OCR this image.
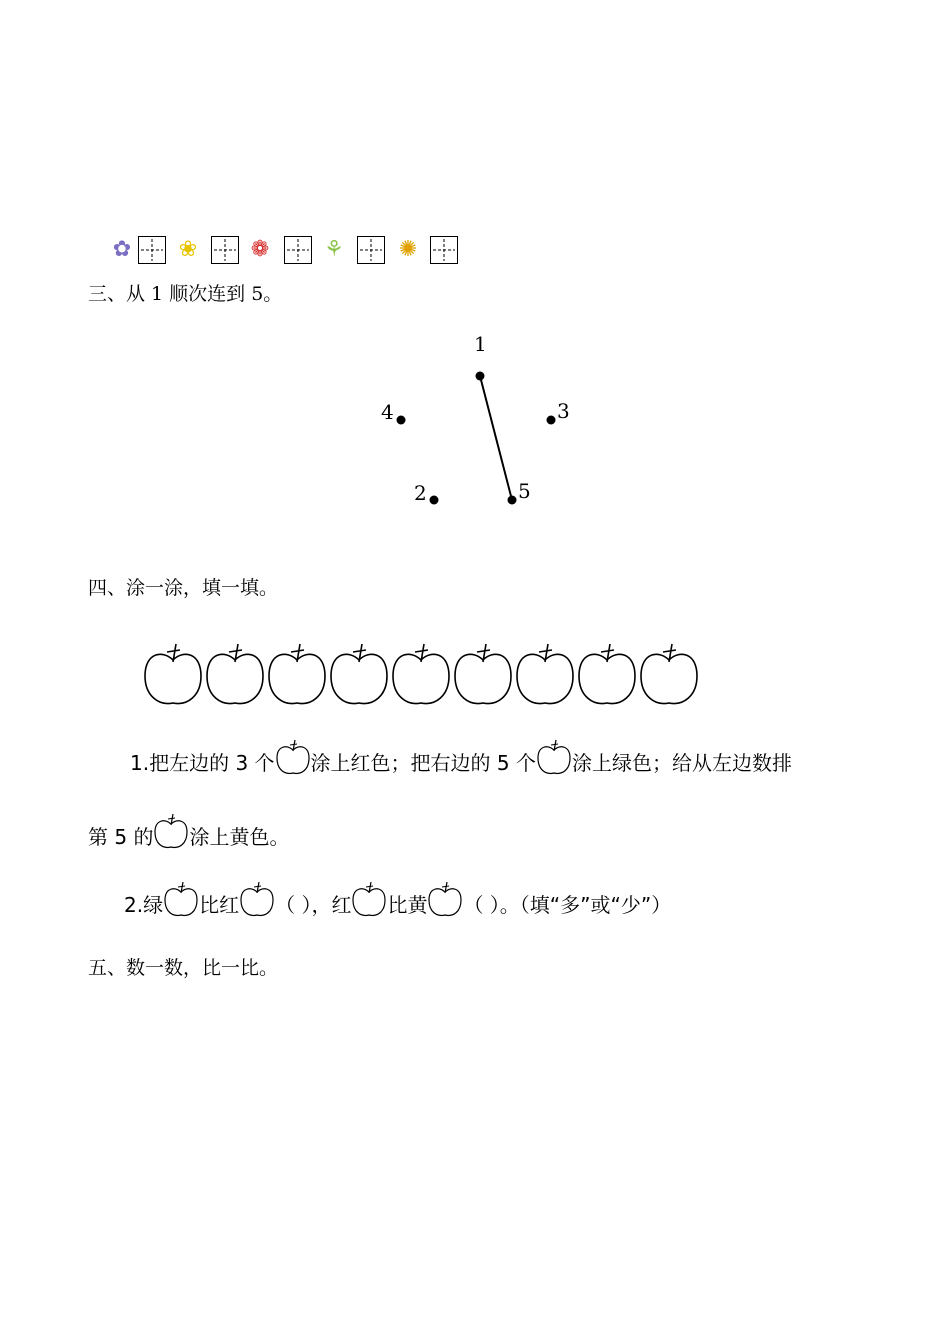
✿ ❀ ❁ ⚘ ✺
三、从 1 顺次连到 5。
1
2
3
4
5
四、涂一涂，填一填。
1.把左边的 3 个 涂上红色；把右边的 5 个 涂上绿色；给从左边数排
第 5 的 涂上黄色。
2.绿 比红 （ ），红 比黄 （ ）。（填“多”或“少”）
五、数一数，比一比。
